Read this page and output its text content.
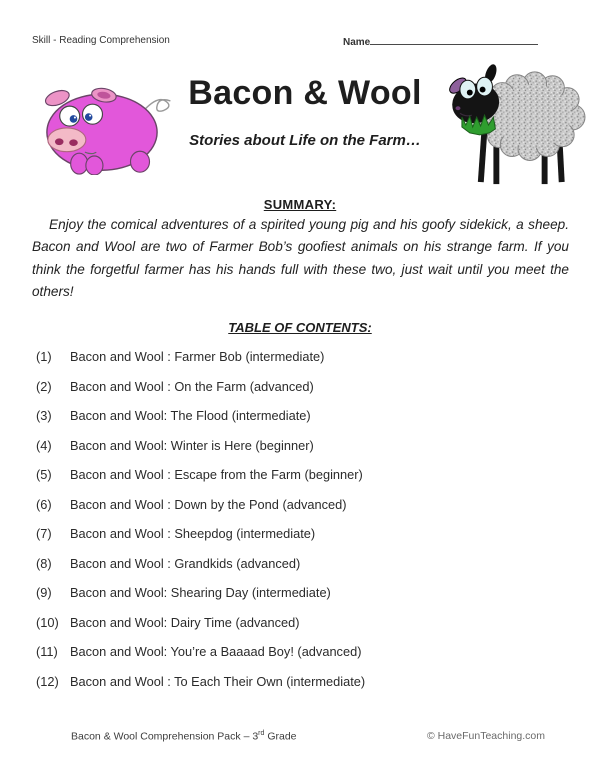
Skill - Reading Comprehension	Name
Bacon & Wool
Stories about Life on the Farm…
SUMMARY:

Enjoy the comical adventures of a spirited young pig and his goofy sidekick, a sheep. Bacon and Wool are two of Farmer Bob’s goofiest animals on his strange farm. If you think the forgetful farmer has his hands full with these two, just wait until you meet the others!

TABLE OF CONTENTS:
(1)	Bacon and Wool : Farmer Bob (intermediate)
(2)	Bacon and Wool : On the Farm (advanced)
(3)	Bacon and Wool: The Flood (intermediate)
(4)	Bacon and Wool: Winter is Here (beginner)
(5)	Bacon and Wool : Escape from the Farm (beginner)
(6)	Bacon and Wool : Down by the Pond (advanced)
(7)	Bacon and Wool : Sheepdog (intermediate)
(8)	Bacon and Wool : Grandkids (advanced)
(9)	Bacon and Wool: Shearing Day (intermediate)
(10) Bacon and Wool: Dairy Time (advanced)
(11) Bacon and Wool: You’re a Baaaad Boy! (advanced)
(12) Bacon and Wool : To Each Their Own (intermediate)
Bacon & Wool Comprehension Pack – 3rd Grade	© HaveFunTeaching.com
